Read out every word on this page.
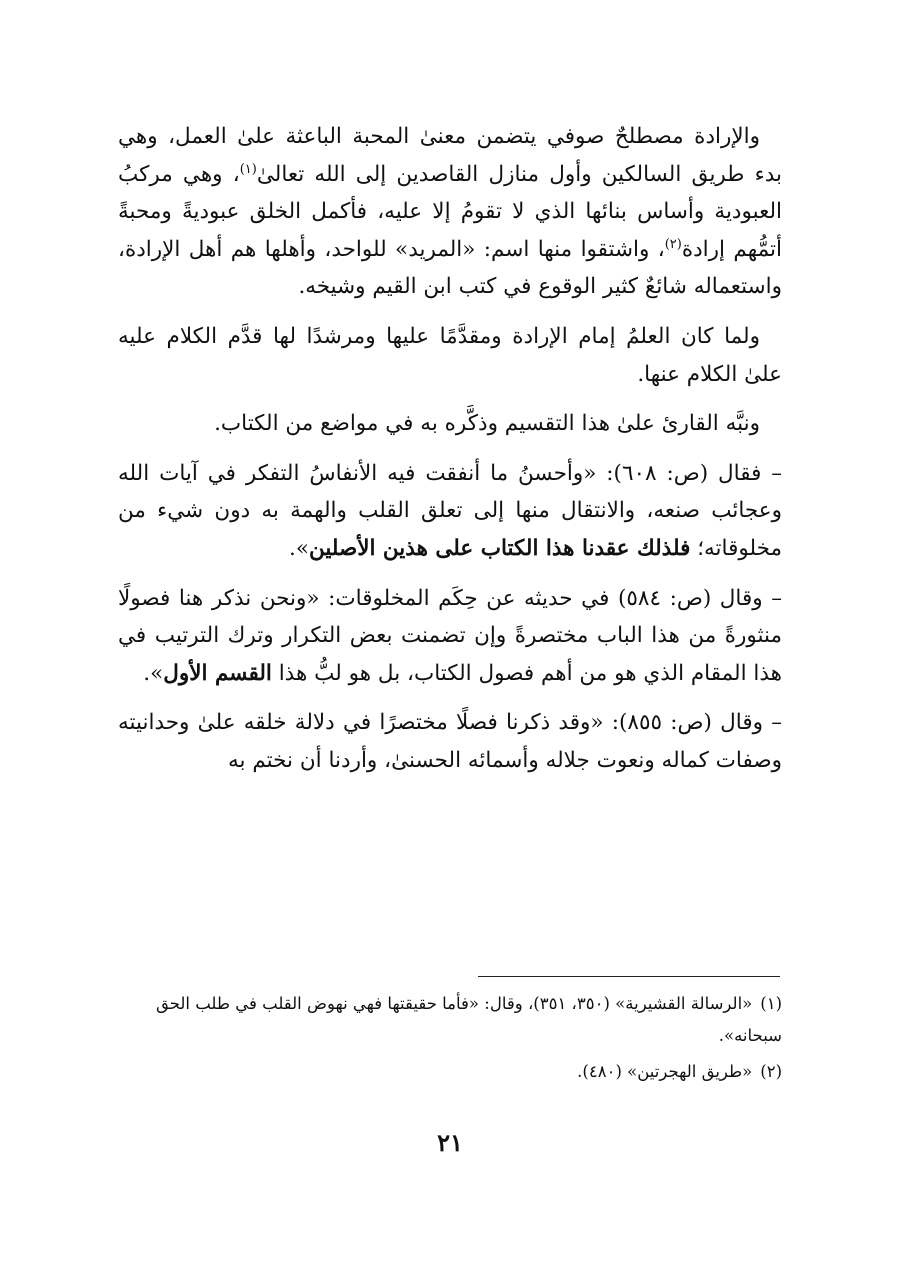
والإرادة مصطلحٌ صوفي يتضمن معنىٰ المحبة الباعثة علىٰ العمل، وهي بدء طريق السالكين وأول منازل القاصدين إلى الله تعالىٰ$^{(١)}$، وهي مركبُ العبودية وأساس بنائها الذي لا تقومُ إلا عليه، فأكمل الخلق عبوديةً ومحبةً أتمُّهم إرادة$^{(٢)}$، واشتقوا منها اسم: «المريد» للواحد، وأهلها هم أهل الإرادة، واستعماله شائعٌ كثير الوقوع في كتب ابن القيم وشيخه.

ولما كان العلمُ إمام الإرادة ومقدَّمًا عليها ومرشدًا لها قدَّم الكلام عليه علىٰ الكلام عنها.

ونبَّه القارئ علىٰ هذا التقسيم وذكَّره به في مواضع من الكتاب.

– فقال (ص: ٦٠٨): «وأحسنُ ما أنفقت فيه الأنفاسُ التفكر في آيات الله وعجائب صنعه، والانتقال منها إلى تعلق القلب والهمة به دون شيء من مخلوقاته؛ فلذلك عقدنا هذا الكتاب على هذين الأصلين».

– وقال (ص: ٥٨٤) في حديثه عن حِكَم المخلوقات: «ونحن نذكر هنا فصولًا منثورةً من هذا الباب مختصرةً وإن تضمنت بعض التكرار وترك الترتيب في هذا المقام الذي هو من أهم فصول الكتاب، بل هو لبُّ هذا القسم الأول».

– وقال (ص: ٨٥٥): «وقد ذكرنا فصلًا مختصرًا في دلالة خلقه علىٰ وحدانيته وصفات كماله ونعوت جلاله وأسمائه الحسنىٰ، وأردنا أن نختم به

(١)«الرسالة القشيرية» (٣٥٠، ٣٥١)، وقال: «فأما حقيقتها فهي نهوض القلب في طلب الحق سبحانه».

(٢)«طريق الهجرتين» (٤٨٠).

٢١
